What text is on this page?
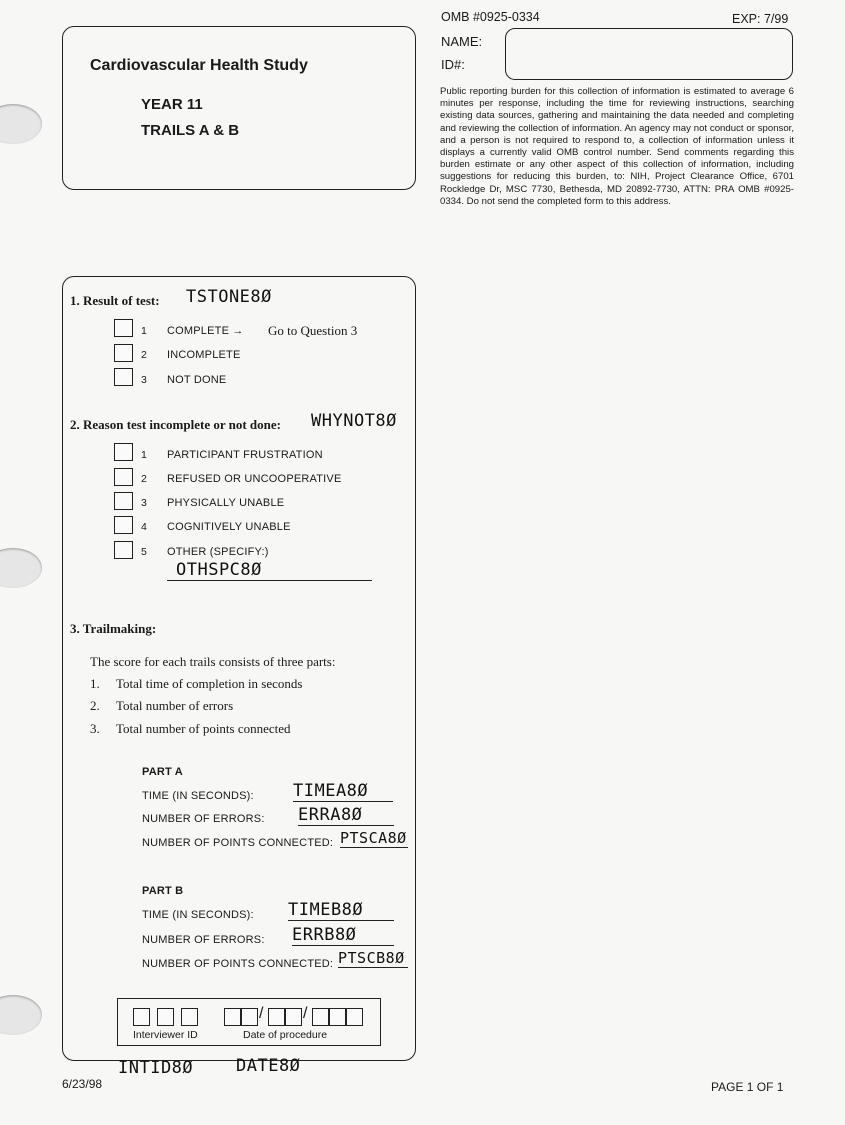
Cardiovascular Health Study
YEAR 11
TRAILS A & B
OMB #0925-0334	EXP: 7/99
NAME:
ID#:
Public reporting burden for this collection of information is estimated to average 6 minutes per response, including the time for reviewing instructions, searching existing data sources, gathering and maintaining the data needed and completing and reviewing the collection of information. An agency may not conduct or sponsor, and a person is not required to respond to, a collection of information unless it displays a currently valid OMB control number. Send comments regarding this burden estimate or any other aspect of this collection of information, including suggestions for reducing this burden, to: NIH, Project Clearance Office, 6701 Rockledge Dr, MSC 7730, Bethesda, MD 20892-7730, ATTN: PRA OMB #0925-0334. Do not send the completed form to this address.
1. Result of test: TSTONE8Ø
1 COMPLETE → Go to Question 3
2 INCOMPLETE
3 NOT DONE
2. Reason test incomplete or not done: WHYNOT8Ø
1 PARTICIPANT FRUSTRATION
2 REFUSED OR UNCOOPERATIVE
3 PHYSICALLY UNABLE
4 COGNITIVELY UNABLE
5 OTHER (SPECIFY:)
OTHSPC8Ø
3. Trailmaking:
The score for each trails consists of three parts:
1. Total time of completion in seconds
2. Total number of errors
3. Total number of points connected
PART A
TIME (IN SECONDS): TIMEA8Ø
NUMBER OF ERRORS: ERRA8Ø
NUMBER OF POINTS CONNECTED: PTSCA8Ø
PART B
TIME (IN SECONDS): TIMEB8Ø
NUMBER OF ERRORS: ERRB8Ø
NUMBER OF POINTS CONNECTED: PTSCB8Ø
/ /
Interviewer ID	Date of procedure
INTID8Ø	DATE8Ø
6/23/98	PAGE 1 OF 1
